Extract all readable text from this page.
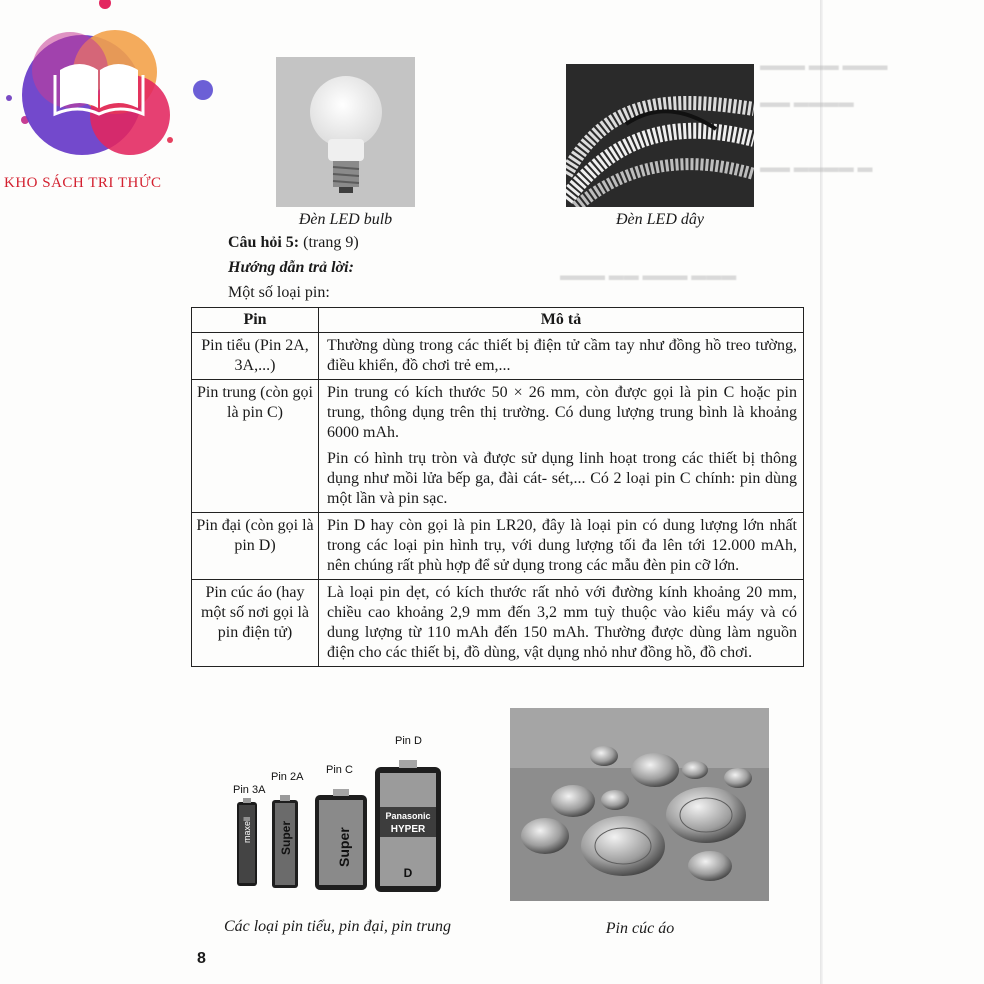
▬▬▬ ▬▬ ▬▬▬
▬▬ ▬▬▬▬
▬▬ ▬▬▬▬ ▬
▬▬▬ ▬▬ ▬▬▬ ▬▬▬
KHO SÁCH TRI THỨC
Đèn LED bulb	Đèn LED dây
Câu hỏi 5: (trang 9)
Hướng dẫn trả lời:
Một số loại pin:
Pin	Mô tả
Pin tiểu (Pin 2A, 3A,...)	Thường dùng trong các thiết bị điện tử cầm tay như đồng hồ treo tường, điều khiển, đồ chơi trẻ em,...

Pin trung (còn gọi là pin C)	Pin trung có kích thước 50 × 26 mm, còn được gọi là pin C hoặc pin trung, thông dụng trên thị trường. Có dung lượng trung bình là khoảng 6000 mAh.
Pin có hình trụ tròn và được sử dụng linh hoạt trong các thiết bị thông dụng như mồi lửa bếp ga, đài cát- sét,... Có 2 loại pin C chính: pin dùng một lần và pin sạc.

Pin đại (còn gọi là pin D)	Pin D hay còn gọi là pin LR20, đây là loại pin có dung lượng lớn nhất trong các loại pin hình trụ, với dung lượng tối đa lên tới 12.000 mAh, nên chúng rất phù hợp để sử dụng trong các mẫu đèn pin cỡ lớn.

Pin cúc áo (hay một số nơi gọi là pin điện tử)	Là loại pin dẹt, có kích thước rất nhỏ với đường kính khoảng 20 mm, chiều cao khoảng 2,9 mm đến 3,2 mm tuỳ thuộc vào kiểu máy và có dung lượng từ 110 mAh đến 150 mAh. Thường được dùng làm nguồn điện cho các thiết bị, đồ dùng, vật dụng nhỏ như đồng hồ, đồ chơi.
Pin 3A
Pin 2A
Pin C
Pin D
maxell Super	Super
Panasonic
HYPER
D
Các loại pin tiểu, pin đại, pin trung	Pin cúc áo
8
